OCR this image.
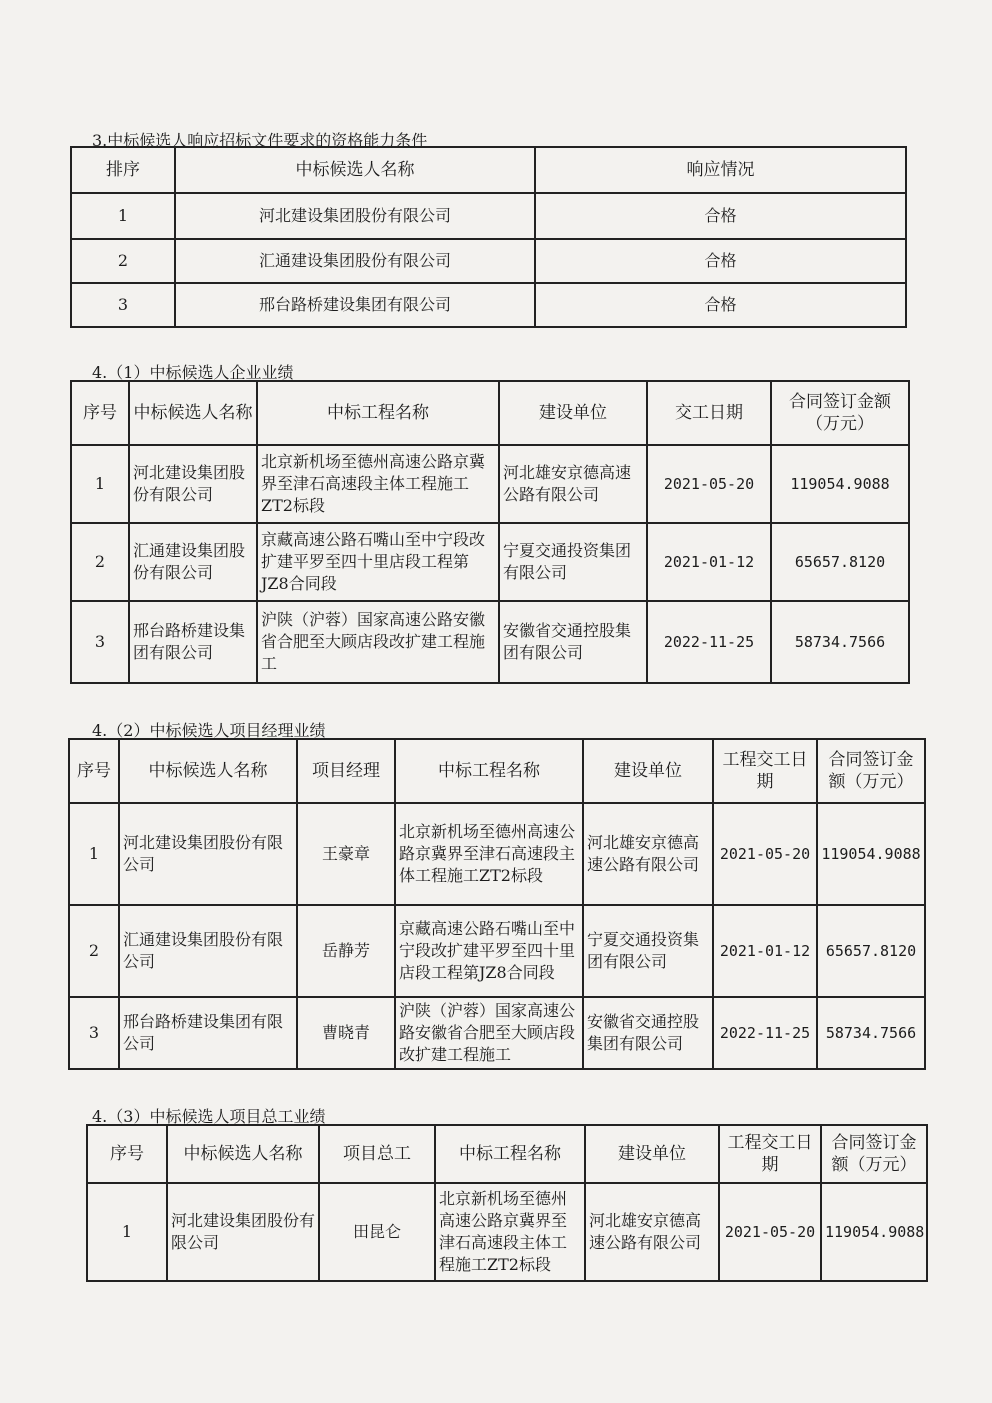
3.中标候选人响应招标文件要求的资格能力条件
排序	中标候选人名称	响应情况
1	河北建设集团股份有限公司	合格
2	汇通建设集团股份有限公司	合格
3	邢台路桥建设集团有限公司	合格
4.（1）中标候选人企业业绩
序号	中标候选人名称	中标工程名称	建设单位	交工日期	合同签订金额（万元）
1	河北建设集团股份有限公司	北京新机场至德州高速公路京冀界至津石高速段主体工程施工ZT2标段	河北雄安京德高速公路有限公司	2021-05-20	119054.9088
2	汇通建设集团股份有限公司	京藏高速公路石嘴山至中宁段改扩建平罗至四十里店段工程第JZ8合同段	宁夏交通投资集团有限公司	2021-01-12	65657.8120
3	邢台路桥建设集团有限公司	沪陕（沪蓉）国家高速公路安徽省合肥至大顾店段改扩建工程施工	安徽省交通控股集团有限公司	2022-11-25	58734.7566
4.（2）中标候选人项目经理业绩
序号	中标候选人名称	项目经理	中标工程名称	建设单位	工程交工日期	合同签订金额（万元）
1	河北建设集团股份有限公司	王豪章	北京新机场至德州高速公路京冀界至津石高速段主体工程施工ZT2标段	河北雄安京德高速公路有限公司	2021-05-20	119054.9088
2	汇通建设集团股份有限公司	岳静芳	京藏高速公路石嘴山至中宁段改扩建平罗至四十里店段工程第JZ8合同段	宁夏交通投资集团有限公司	2021-01-12	65657.8120
3	邢台路桥建设集团有限公司	曹晓青	沪陕（沪蓉）国家高速公路安徽省合肥至大顾店段改扩建工程施工	安徽省交通控股集团有限公司	2022-11-25	58734.7566
4.（3）中标候选人项目总工业绩
序号	中标候选人名称	项目总工	中标工程名称	建设单位	工程交工日期	合同签订金额（万元）
1	河北建设集团股份有限公司	田昆仑	北京新机场至德州高速公路京冀界至津石高速段主体工程施工ZT2标段	河北雄安京德高速公路有限公司	2021-05-20	119054.9088
